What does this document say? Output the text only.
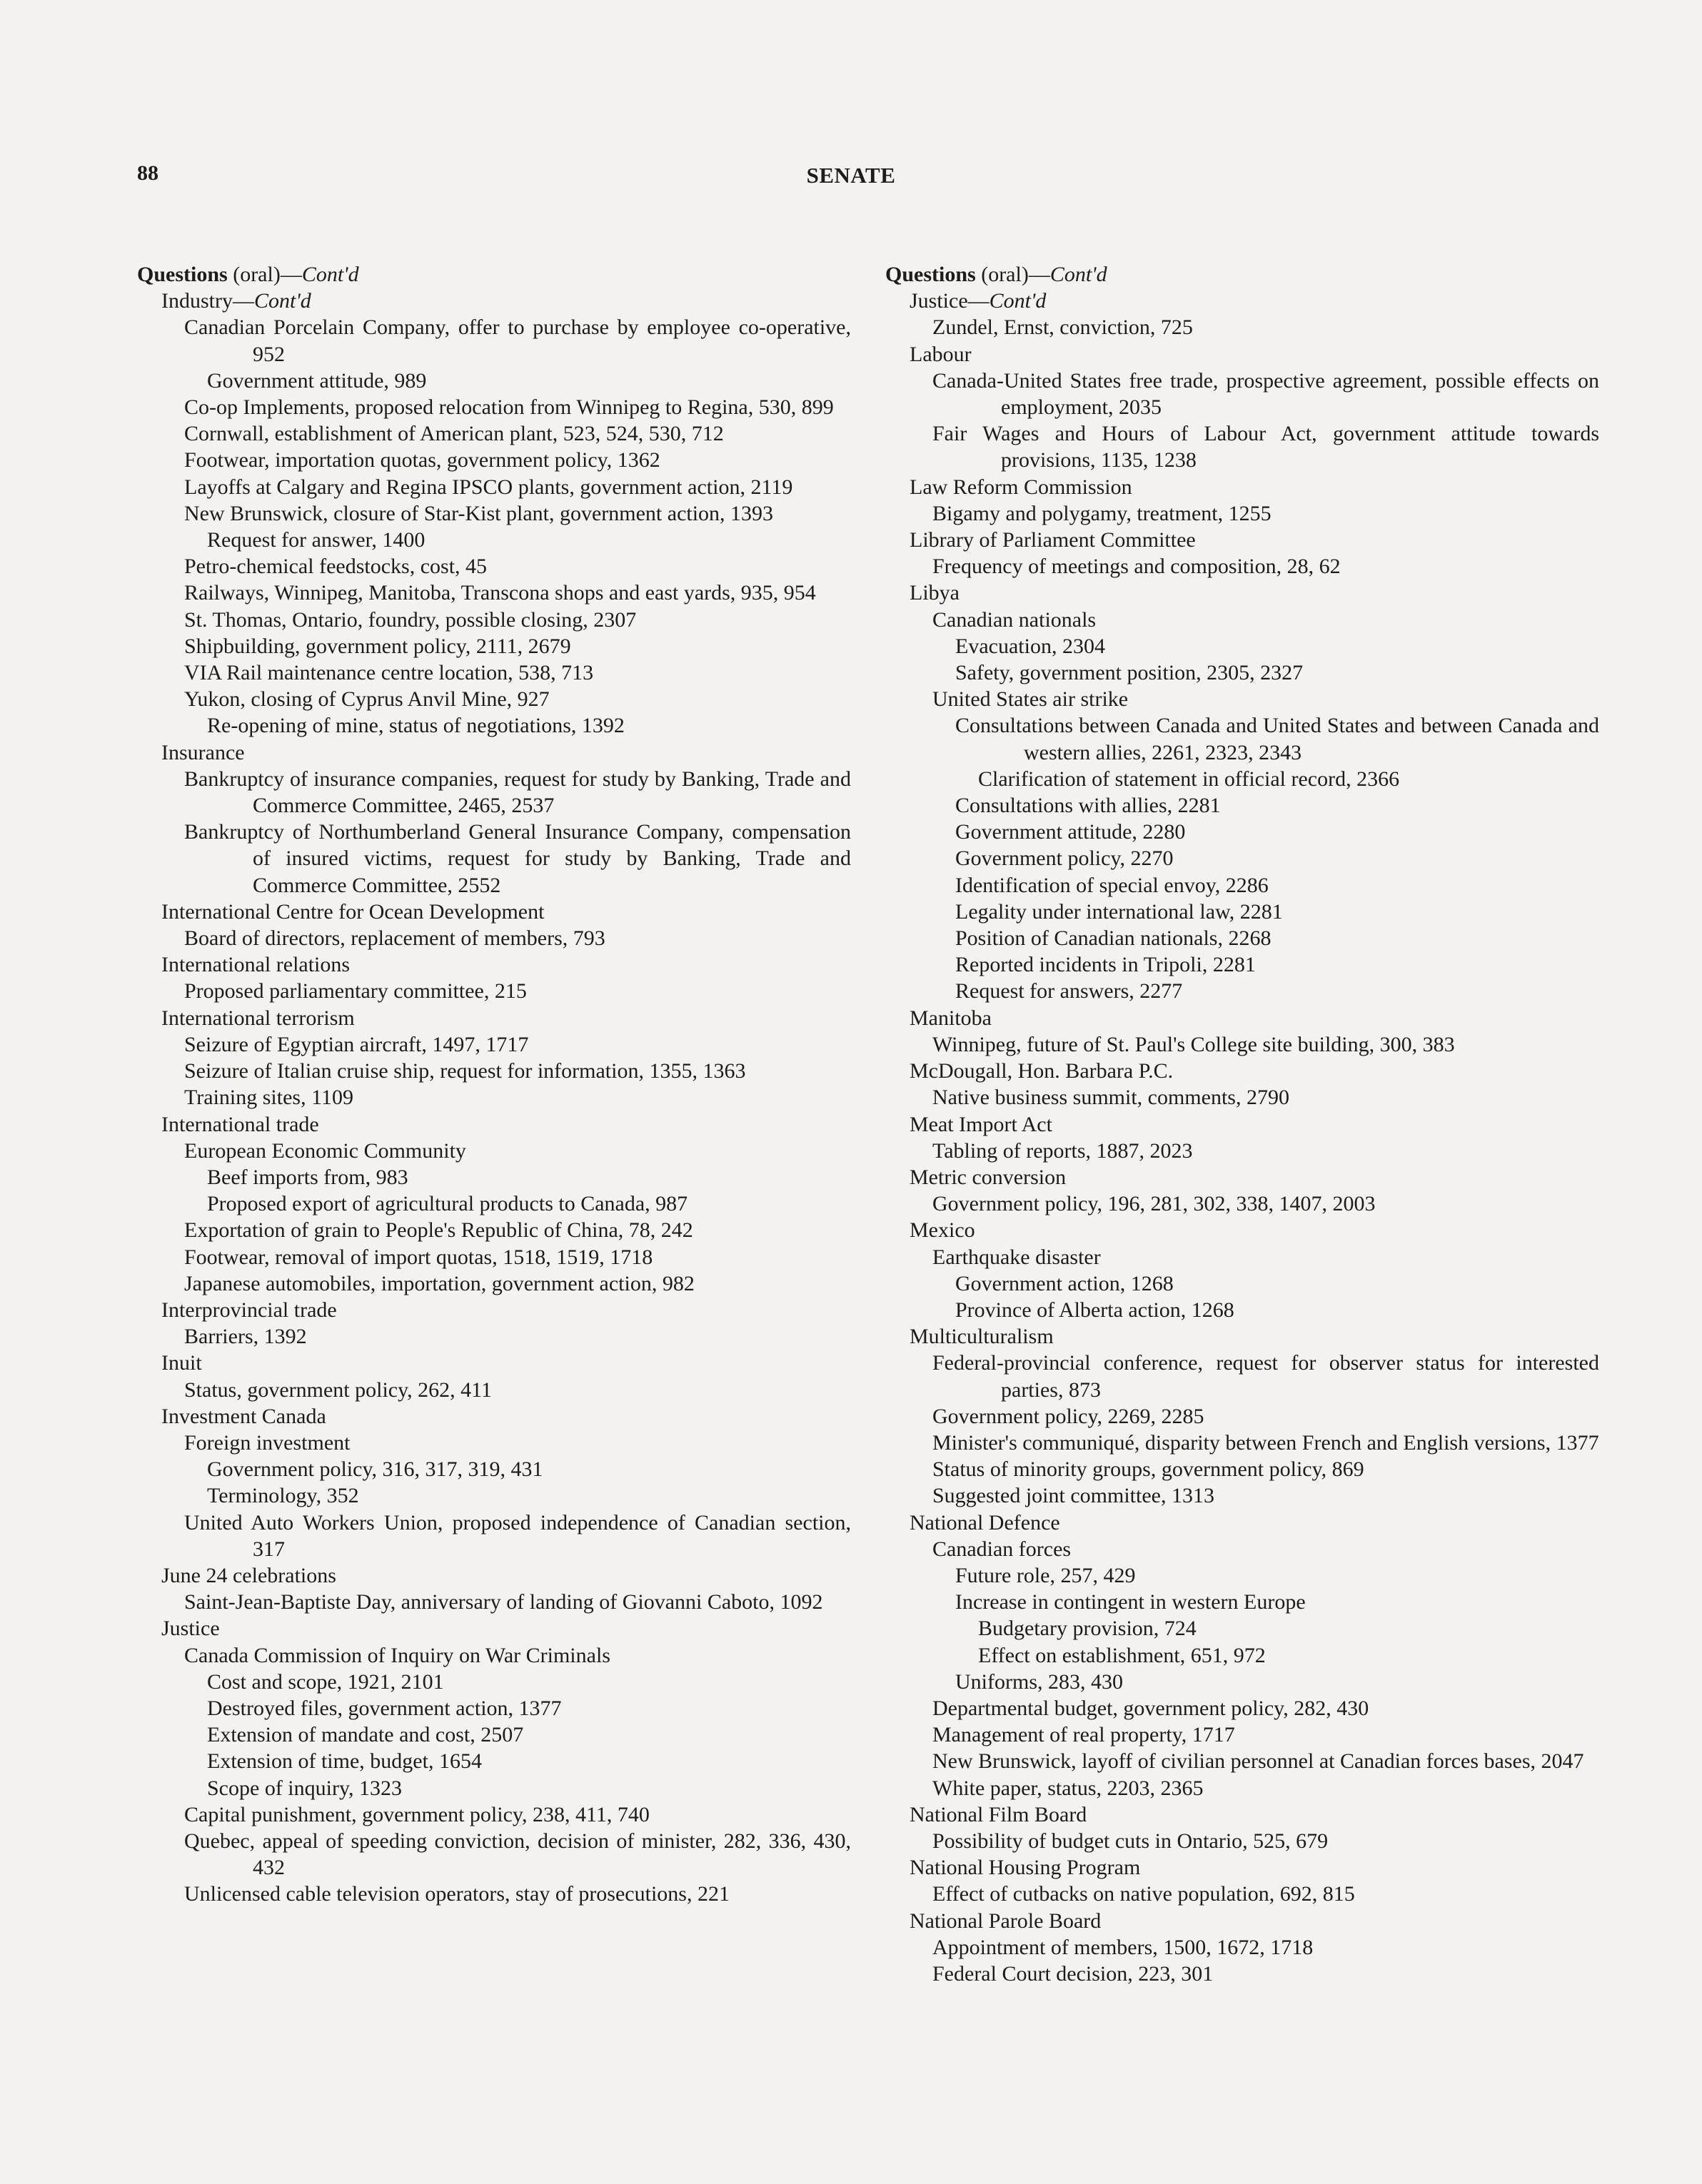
88	SENATE
Questions (oral)—Cont'd
Industry—Cont'd
Canadian Porcelain Company, offer to purchase by employee co-operative, 952
Government attitude, 989
Co-op Implements, proposed relocation from Winnipeg to Regina, 530, 899
Cornwall, establishment of American plant, 523, 524, 530, 712
Footwear, importation quotas, government policy, 1362
Layoffs at Calgary and Regina IPSCO plants, government action, 2119
New Brunswick, closure of Star-Kist plant, government action, 1393
Request for answer, 1400
Petro-chemical feedstocks, cost, 45
Railways, Winnipeg, Manitoba, Transcona shops and east yards, 935, 954
St. Thomas, Ontario, foundry, possible closing, 2307
Shipbuilding, government policy, 2111, 2679
VIA Rail maintenance centre location, 538, 713
Yukon, closing of Cyprus Anvil Mine, 927
Re-opening of mine, status of negotiations, 1392
Insurance
Bankruptcy of insurance companies, request for study by Banking, Trade and Commerce Committee, 2465, 2537
Bankruptcy of Northumberland General Insurance Company, compensation of insured victims, request for study by Banking, Trade and Commerce Committee, 2552
International Centre for Ocean Development
Board of directors, replacement of members, 793
International relations
Proposed parliamentary committee, 215
International terrorism
Seizure of Egyptian aircraft, 1497, 1717
Seizure of Italian cruise ship, request for information, 1355, 1363
Training sites, 1109
International trade
European Economic Community
Beef imports from, 983
Proposed export of agricultural products to Canada, 987
Exportation of grain to People's Republic of China, 78, 242
Footwear, removal of import quotas, 1518, 1519, 1718
Japanese automobiles, importation, government action, 982
Interprovincial trade
Barriers, 1392
Inuit
Status, government policy, 262, 411
Investment Canada
Foreign investment
Government policy, 316, 317, 319, 431
Terminology, 352
United Auto Workers Union, proposed independence of Canadian section, 317
June 24 celebrations
Saint-Jean-Baptiste Day, anniversary of landing of Giovanni Caboto, 1092
Justice
Canada Commission of Inquiry on War Criminals
Cost and scope, 1921, 2101
Destroyed files, government action, 1377
Extension of mandate and cost, 2507
Extension of time, budget, 1654
Scope of inquiry, 1323
Capital punishment, government policy, 238, 411, 740
Quebec, appeal of speeding conviction, decision of minister, 282, 336, 430, 432
Unlicensed cable television operators, stay of prosecutions, 221
Questions (oral)—Cont'd
Justice—Cont'd
Zundel, Ernst, conviction, 725
Labour
Canada-United States free trade, prospective agreement, possible effects on employment, 2035
Fair Wages and Hours of Labour Act, government attitude towards provisions, 1135, 1238
Law Reform Commission
Bigamy and polygamy, treatment, 1255
Library of Parliament Committee
Frequency of meetings and composition, 28, 62
Libya
Canadian nationals
Evacuation, 2304
Safety, government position, 2305, 2327
United States air strike
Consultations between Canada and United States and between Canada and western allies, 2261, 2323, 2343
Clarification of statement in official record, 2366
Consultations with allies, 2281
Government attitude, 2280
Government policy, 2270
Identification of special envoy, 2286
Legality under international law, 2281
Position of Canadian nationals, 2268
Reported incidents in Tripoli, 2281
Request for answers, 2277
Manitoba
Winnipeg, future of St. Paul's College site building, 300, 383
McDougall, Hon. Barbara P.C.
Native business summit, comments, 2790
Meat Import Act
Tabling of reports, 1887, 2023
Metric conversion
Government policy, 196, 281, 302, 338, 1407, 2003
Mexico
Earthquake disaster
Government action, 1268
Province of Alberta action, 1268
Multiculturalism
Federal-provincial conference, request for observer status for interested parties, 873
Government policy, 2269, 2285
Minister's communiqué, disparity between French and English versions, 1377
Status of minority groups, government policy, 869
Suggested joint committee, 1313
National Defence
Canadian forces
Future role, 257, 429
Increase in contingent in western Europe
Budgetary provision, 724
Effect on establishment, 651, 972
Uniforms, 283, 430
Departmental budget, government policy, 282, 430
Management of real property, 1717
New Brunswick, layoff of civilian personnel at Canadian forces bases, 2047
White paper, status, 2203, 2365
National Film Board
Possibility of budget cuts in Ontario, 525, 679
National Housing Program
Effect of cutbacks on native population, 692, 815
National Parole Board
Appointment of members, 1500, 1672, 1718
Federal Court decision, 223, 301
